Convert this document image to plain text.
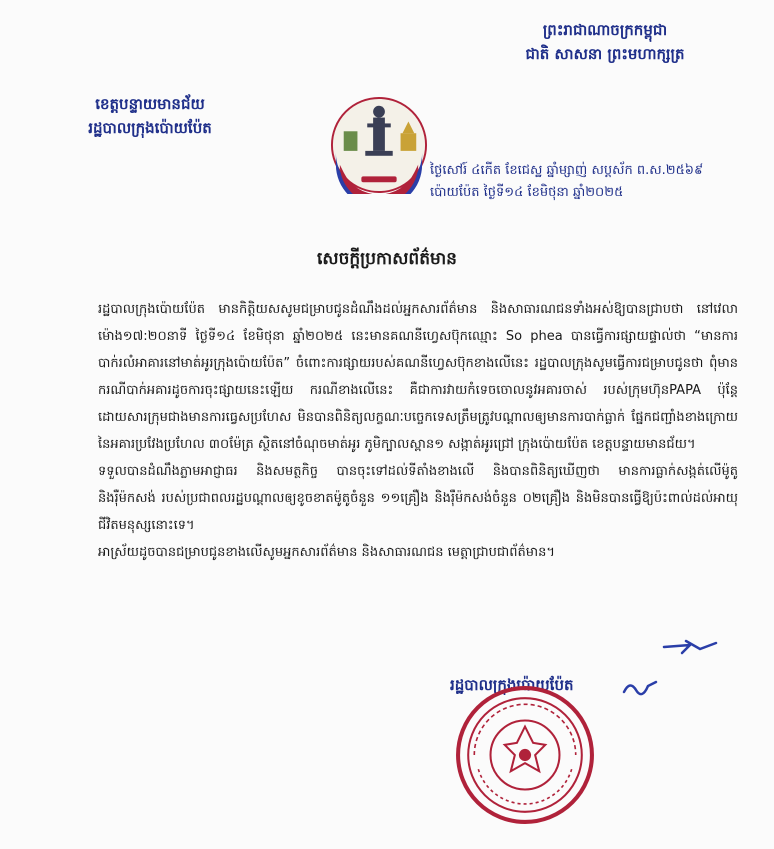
ព្រះរាជាណាចក្រកម្ពុជា
ជាតិ សាសនា ព្រះមហាក្សត្រ
ខេត្តបន្ទាយមានជ័យ
រដ្ឋបាលក្រុងប៉ោយប៉ែត
ថ្ងៃសៅរ៍ ៤កើត ខែជេស្ឋ ឆ្នាំម្សាញ់ សប្តស័ក ព.ស.២៥៦៩
ប៉ោយប៉ែត ថ្ងៃទី១៤ ខែមិថុនា ឆ្នាំ២០២៥
សេចក្តីប្រកាសព័ត៌មាន

រដ្ឋបាលក្រុងប៉ោយប៉ែត មានកិត្តិយសសូមជម្រាបជូនដំណឹងដល់អ្នកសារព័ត៌មាន និងសាធារណជនទាំងអស់ឱ្យបានជ្រាបថា នៅវេលាម៉ោង១៧:២០នាទី ថ្ងៃទី១៤ ខែមិថុនា ឆ្នាំ២០២៥ នេះមានគណនីហ្វេសប៊ុកឈ្មោះ So phea បានធ្វើការផ្សាយផ្ទាល់ថា “មានការបាក់រលំអាគារនៅមាត់អូរក្រុងប៉ោយប៉ែត” ចំពោះការផ្សាយរបស់គណនីហ្វេសប៊ុកខាងលើនេះ រដ្ឋបាលក្រុងសូមធ្វើការជម្រាបជូនថា ពុំមានករណីបាក់អគារដូចការចុះផ្សាយនេះឡើយ ករណីខាងលើនេះ គឺជាការវាយកំទេចចោលនូវអគារចាស់ របស់ក្រុមហ៊ុនPAPA ប៉ុន្តែដោយសារក្រុមជាងមានការធ្វេសប្រហែស មិនបានពិនិត្យលក្ខណៈបច្ចេកទេសត្រឹមត្រូវបណ្តាលឲ្យមានការបាក់ធ្លាក់ ផ្នែកជញ្ជាំងខាងក្រោយនៃអគារប្រវែងប្រហែល ៣០ម៉ែត្រ ស្ថិតនៅចំណុចមាត់អូរ ភូមិក្បាលស្ពាន១ សង្កាត់អូរជ្រៅ ក្រុងប៉ោយប៉ែត ខេត្តបន្ទាយមានជ័យ។

ទទួលបានដំណឹងភ្លាមអាជ្ញាធរ និងសមត្ថកិច្ច បានចុះទៅដល់ទីតាំងខាងលើ និងបានពិនិត្យឃើញថា មានការធ្លាក់សង្កត់លើម៉ូតូ និងរ៉ឺម៉កសង់ របស់ប្រជាពលរដ្ឋបណ្តាលឲ្យខូចខាតម៉ូតូចំនួន ១១គ្រឿង និងរ៉ឺម៉កសង់ចំនួន ០២គ្រឿង និងមិនបានធ្វើឱ្យប៉ះពាល់ដល់អាយុជីវិតមនុស្សនោះទេ។

អាស្រ័យដូចបានជម្រាបជូនខាងលើសូមអ្នកសារព័ត៌មាន និងសាធារណជន មេត្តាជ្រាបជាព័ត៌មាន។

រដ្ឋបាលក្រុងប៉ោយប៉ែត
